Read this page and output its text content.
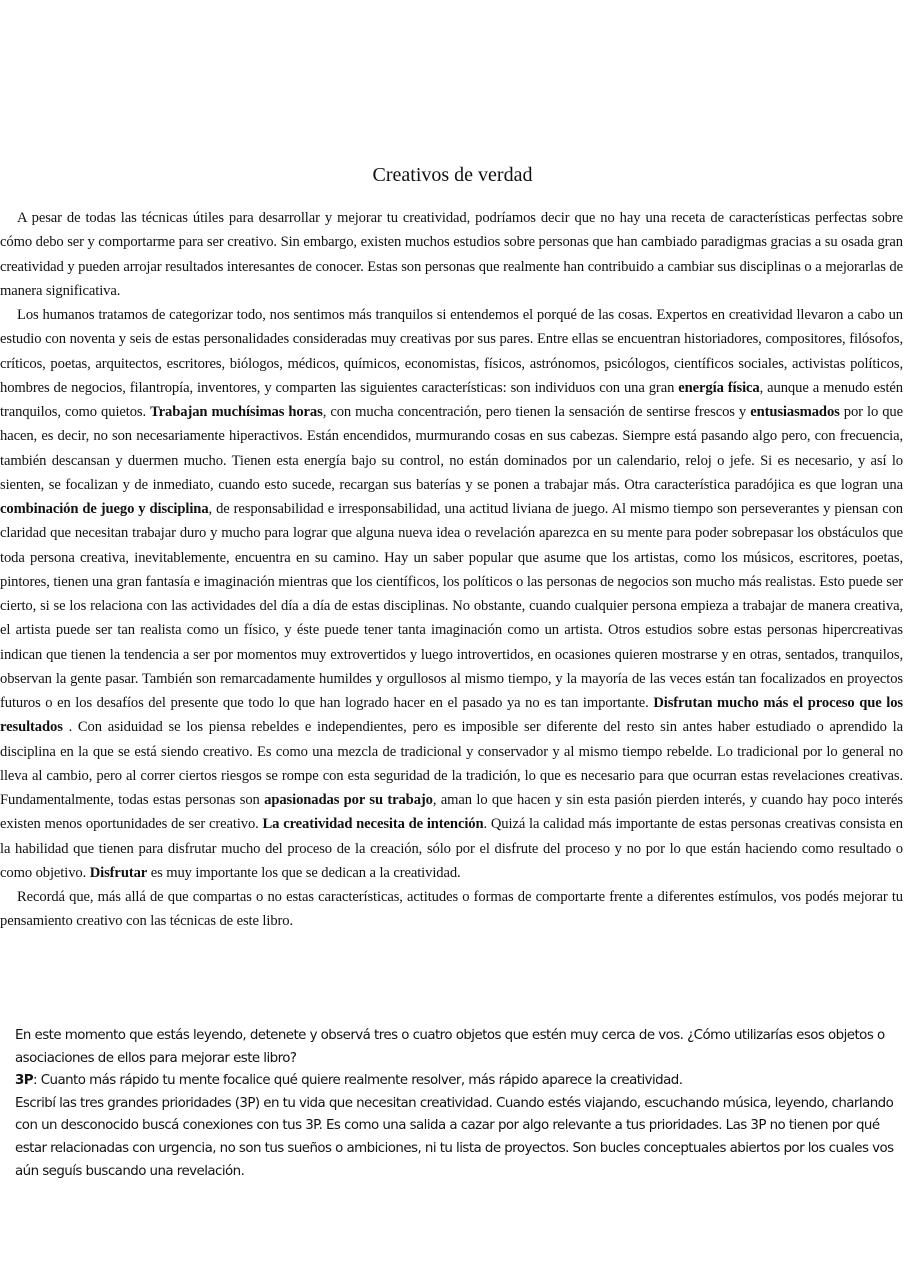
Creativos de verdad

A pesar de todas las técnicas útiles para desarrollar y mejorar tu creatividad, podríamos decir que no hay una receta de características perfectas sobre cómo debo ser y comportarme para ser creativo. Sin embargo, existen muchos estudios sobre personas que han cambiado paradigmas gracias a su osada gran creatividad y pueden arrojar resultados interesantes de conocer. Estas son personas que realmente han contribuido a cambiar sus disciplinas o a mejorarlas de manera significativa.

Los humanos tratamos de categorizar todo, nos sentimos más tranquilos si entendemos el porqué de las cosas. Expertos en creatividad llevaron a cabo un estudio con noventa y seis de estas personalidades consideradas muy creativas por sus pares. Entre ellas se encuentran historiadores, compositores, filósofos, críticos, poetas, arquitectos, escritores, biólogos, médicos, químicos, economistas, físicos, astrónomos, psicólogos, científicos sociales, activistas políticos, hombres de negocios, filantropía, inventores, y comparten las siguientes características: son individuos con una gran energía física, aunque a menudo estén tranquilos, como quietos. Trabajan muchísimas horas, con mucha concentración, pero tienen la sensación de sentirse frescos y entusiasmados por lo que hacen, es decir, no son necesariamente hiperactivos. Están encendidos, murmurando cosas en sus cabezas. Siempre está pasando algo pero, con frecuencia, también descansan y duermen mucho. Tienen esta energía bajo su control, no están dominados por un calendario, reloj o jefe. Si es necesario, y así lo sienten, se focalizan y de inmediato, cuando esto sucede, recargan sus baterías y se ponen a trabajar más. Otra característica paradójica es que logran una combinación de juego y disciplina, de responsabilidad e irresponsabilidad, una actitud liviana de juego. Al mismo tiempo son perseverantes y piensan con claridad que necesitan trabajar duro y mucho para lograr que alguna nueva idea o revelación aparezca en su mente para poder sobrepasar los obstáculos que toda persona creativa, inevitablemente, encuentra en su camino. Hay un saber popular que asume que los artistas, como los músicos, escritores, poetas, pintores, tienen una gran fantasía e imaginación mientras que los científicos, los políticos o las personas de negocios son mucho más realistas. Esto puede ser cierto, si se los relaciona con las actividades del día a día de estas disciplinas. No obstante, cuando cualquier persona empieza a trabajar de manera creativa, el artista puede ser tan realista como un físico, y éste puede tener tanta imaginación como un artista. Otros estudios sobre estas personas hipercreativas indican que tienen la tendencia a ser por momentos muy extrovertidos y luego introvertidos, en ocasiones quieren mostrarse y en otras, sentados, tranquilos, observan la gente pasar. También son remarcadamente humildes y orgullosos al mismo tiempo, y la mayoría de las veces están tan focalizados en proyectos futuros o en los desafíos del presente que todo lo que han logrado hacer en el pasado ya no es tan importante. Disfrutan mucho más el proceso que los resultados . Con asiduidad se los piensa rebeldes e independientes, pero es imposible ser diferente del resto sin antes haber estudiado o aprendido la disciplina en la que se está siendo creativo. Es como una mezcla de tradicional y conservador y al mismo tiempo rebelde. Lo tradicional por lo general no lleva al cambio, pero al correr ciertos riesgos se rompe con esta seguridad de la tradición, lo que es necesario para que ocurran estas revelaciones creativas. Fundamentalmente, todas estas personas son apasionadas por su trabajo, aman lo que hacen y sin esta pasión pierden interés, y cuando hay poco interés existen menos oportunidades de ser creativo. La creatividad necesita de intención. Quizá la calidad más importante de estas personas creativas consista en la habilidad que tienen para disfrutar mucho del proceso de la creación, sólo por el disfrute del proceso y no por lo que están haciendo como resultado o como objetivo. Disfrutar es muy importante los que se dedican a la creatividad.

Recordá que, más allá de que compartas o no estas características, actitudes o formas de comportarte frente a diferentes estímulos, vos podés mejorar tu pensamiento creativo con las técnicas de este libro.

En este momento que estás leyendo, detenete y observá tres o cuatro objetos que estén muy cerca de vos. ¿Cómo utilizarías esos objetos o asociaciones de ellos para mejorar este libro?

3P: Cuanto más rápido tu mente focalice qué quiere realmente resolver, más rápido aparece la creatividad.

Escribí las tres grandes prioridades (3P) en tu vida que necesitan creatividad. Cuando estés viajando, escuchando música, leyendo, charlando con un desconocido buscá conexiones con tus 3P. Es como una salida a cazar por algo relevante a tus prioridades. Las 3P no tienen por qué estar relacionadas con urgencia, no son tus sueños o ambiciones, ni tu lista de proyectos. Son bucles conceptuales abiertos por los cuales vos aún seguís buscando una revelación.
